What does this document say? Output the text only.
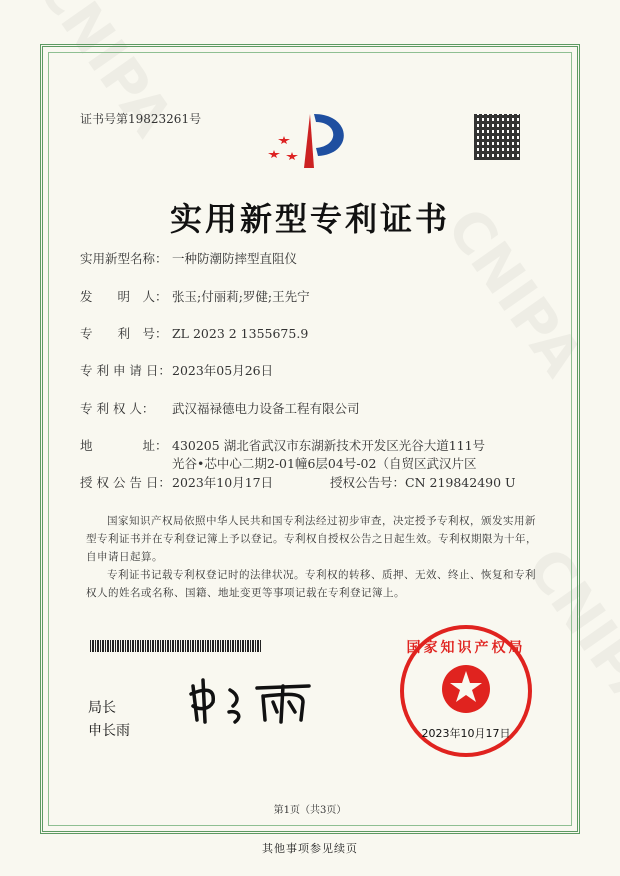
证书号第19823261号
实用新型专利证书
实用新型名称： 一种防潮防摔型直阻仪
发　　明　人： 张玉;付丽莉;罗健;王先宁
专　　利　号： ZL 2023 2 1355675.9
专 利 申 请 日：2023年05月26日
专 利 权 人： 武汉福禄德电力设备工程有限公司
地　　　　址： 430205 湖北省武汉市东湖新技术开发区光谷大道111号
光谷•芯中心二期2-01幢6层04号-02（自贸区武汉片区
授 权 公 告 日：2023年10月17日	授权公告号：CN 219842490 U
国家知识产权局依照中华人民共和国专利法经过初步审查，决定授予专利权，颁发实用新型专利证书并在专利登记簿上予以登记。专利权自授权公告之日起生效。专利权期限为十年，自申请日起算。
专利证书记载专利权登记时的法律状况。专利权的转移、质押、无效、终止、恢复和专利权人的姓名或名称、国籍、地址变更等事项记载在专利登记簿上。
局长
申长雨
国家知识产权局
2023年10月17日
第1页（共3页）
其他事项参见续页
